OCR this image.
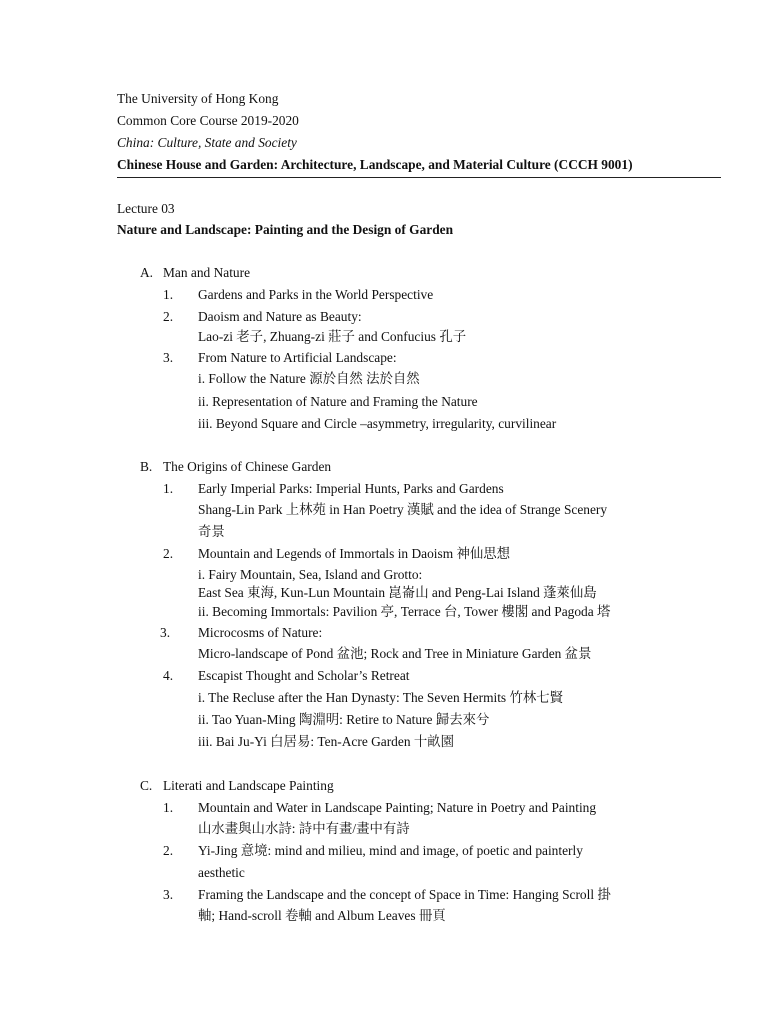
The University of Hong Kong
Common Core Course 2019-2020
China: Culture, State and Society
Chinese House and Garden: Architecture, Landscape, and Material Culture (CCCH 9001)
Lecture 03
Nature and Landscape: Painting and the Design of Garden
A. Man and Nature
1. Gardens and Parks in the World Perspective
2. Daoism and Nature as Beauty:
Lao-zi 老子, Zhuang-zi 莊子 and Confucius 孔子
3. From Nature to Artificial Landscape:
i. Follow the Nature 源於自然 法於自然
ii. Representation of Nature and Framing the Nature
iii. Beyond Square and Circle –asymmetry, irregularity, curvilinear
B. The Origins of Chinese Garden
1. Early Imperial Parks: Imperial Hunts, Parks and Gardens
Shang-Lin Park 上林苑 in Han Poetry 漢賦 and the idea of Strange Scenery
奇景
2. Mountain and Legends of Immortals in Daoism 神仙思想
i. Fairy Mountain, Sea, Island and Grotto:
East Sea 東海, Kun-Lun Mountain 崑崙山 and Peng-Lai Island 蓬萊仙島
ii. Becoming Immortals: Pavilion 亭, Terrace 台, Tower 樓閣 and Pagoda 塔
3. Microcosms of Nature:
Micro-landscape of Pond 盆池; Rock and Tree in Miniature Garden 盆景
4. Escapist Thought and Scholar’s Retreat
i. The Recluse after the Han Dynasty: The Seven Hermits 竹林七賢
ii. Tao Yuan-Ming 陶淵明: Retire to Nature 歸去來兮
iii. Bai Ju-Yi 白居易: Ten-Acre Garden 十畝園
C. Literati and Landscape Painting
1. Mountain and Water in Landscape Painting; Nature in Poetry and Painting
山水畫與山水詩: 詩中有畫/畫中有詩
2. Yi-Jing 意境: mind and milieu, mind and image, of poetic and painterly
aesthetic
3. Framing the Landscape and the concept of Space in Time: Hanging Scroll 掛
軸; Hand-scroll 卷軸 and Album Leaves 冊頁
